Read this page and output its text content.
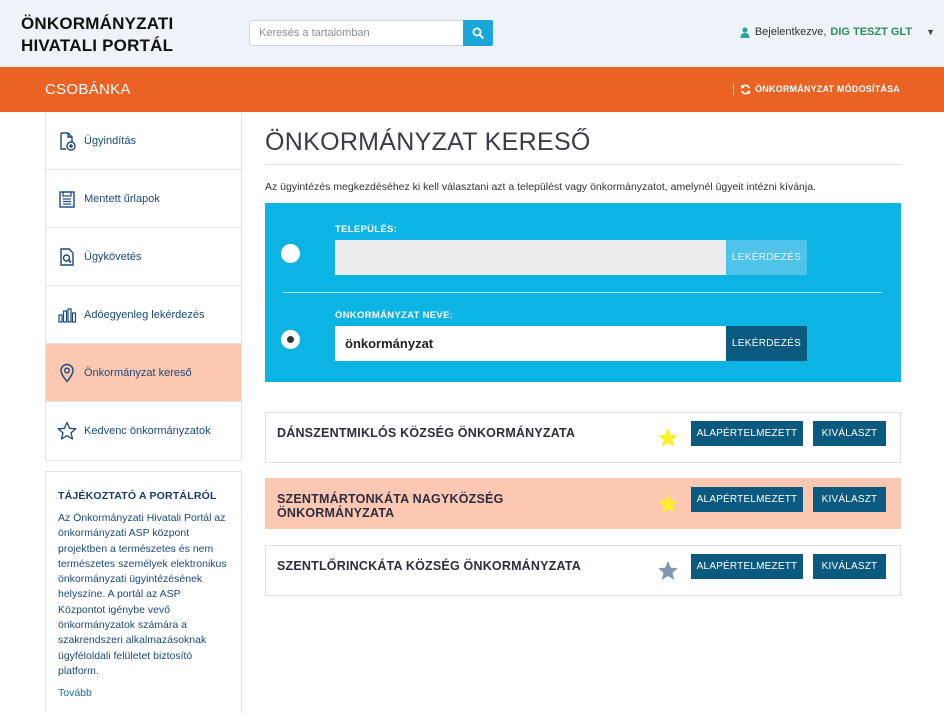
ÖNKORMÁNYZATI
HIVATALI PORTÁL
Keresés a tartalomban
Bejelentkezve, DIG TESZT GLT ▼
CSOBÁNKA	ÖNKORMÁNYZAT MÓDOSÍTÁSA
Ügyindítás
Mentett űrlapok
Ügykövetés
Adóegyenleg lekérdezés
Önkormányzat kereső
Kedvenc önkormányzatok
TÁJÉKOZTATÓ A PORTÁLRÓL
Az Önkormányzati Hivatali Portál az önkormányzati ASP központ projektben a természetes és nem természetes személyek elektronikus önkormányzati ügyintézésének helyszíne. A portál az ASP Központot igénybe vevő önkormányzatok számára a szakrendszeri alkalmazásoknak ügyféloldali felületet biztosító platform.
Tovább
ÖNKORMÁNYZAT KERESŐ
Az ügyintézés megkezdéséhez ki kell választani azt a települést vagy önkormányzatot, amelynél ügyeit intézni kívánja.
TELEPÜLÉS:
LEKÉRDEZÉS
ÖNKORMÁNYZAT NEVE:
önkormányzat
LEKÉRDEZÉS
DÁNSZENTMIKLÓS KÖZSÉG ÖNKORMÁNYZATA	ALAPÉRTELMEZETT	KIVÁLASZT
SZENTMÁRTONKÁTA NAGYKÖZSÉG ÖNKORMÁNYZATA
ALAPÉRTELMEZETT	KIVÁLASZT
SZENTLŐRINCKÁTA KÖZSÉG ÖNKORMÁNYZATA	ALAPÉRTELMEZETT	KIVÁLASZT
